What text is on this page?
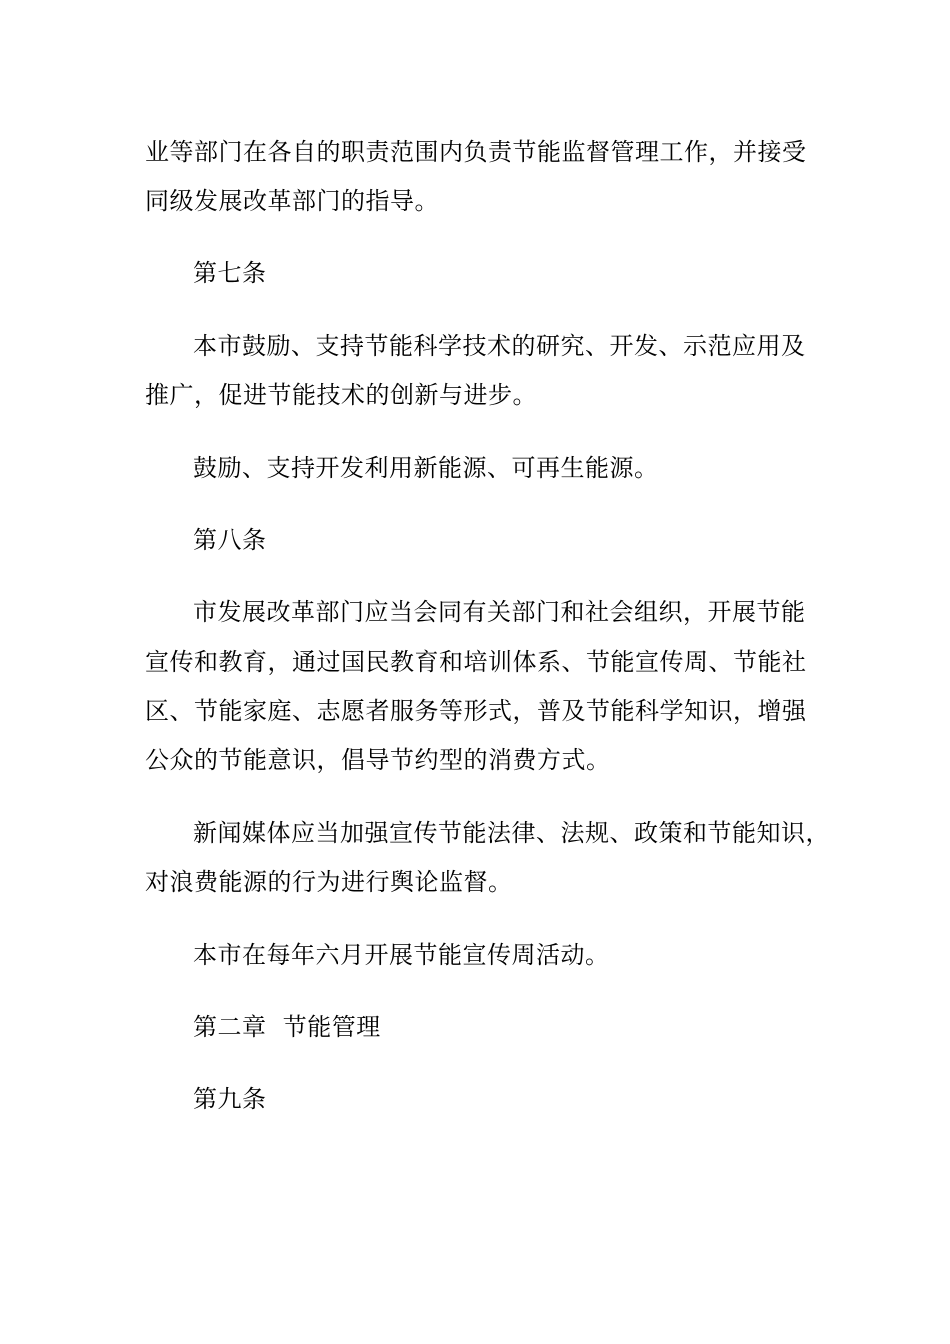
业等部门在各自的职责范围内负责节能监督管理工作，并接受
同级发展改革部门的指导。
第七条
本市鼓励、支持节能科学技术的研究、开发、示范应用及
推广，促进节能技术的创新与进步。
鼓励、支持开发利用新能源、可再生能源。
第八条
市发展改革部门应当会同有关部门和社会组织，开展节能
宣传和教育，通过国民教育和培训体系、节能宣传周、节能社
区、节能家庭、志愿者服务等形式，普及节能科学知识，增强
公众的节能意识，倡导节约型的消费方式。
新闻媒体应当加强宣传节能法律、法规、政策和节能知识，
对浪费能源的行为进行舆论监督。
本市在每年六月开展节能宣传周活动。
第二章  节能管理
第九条
